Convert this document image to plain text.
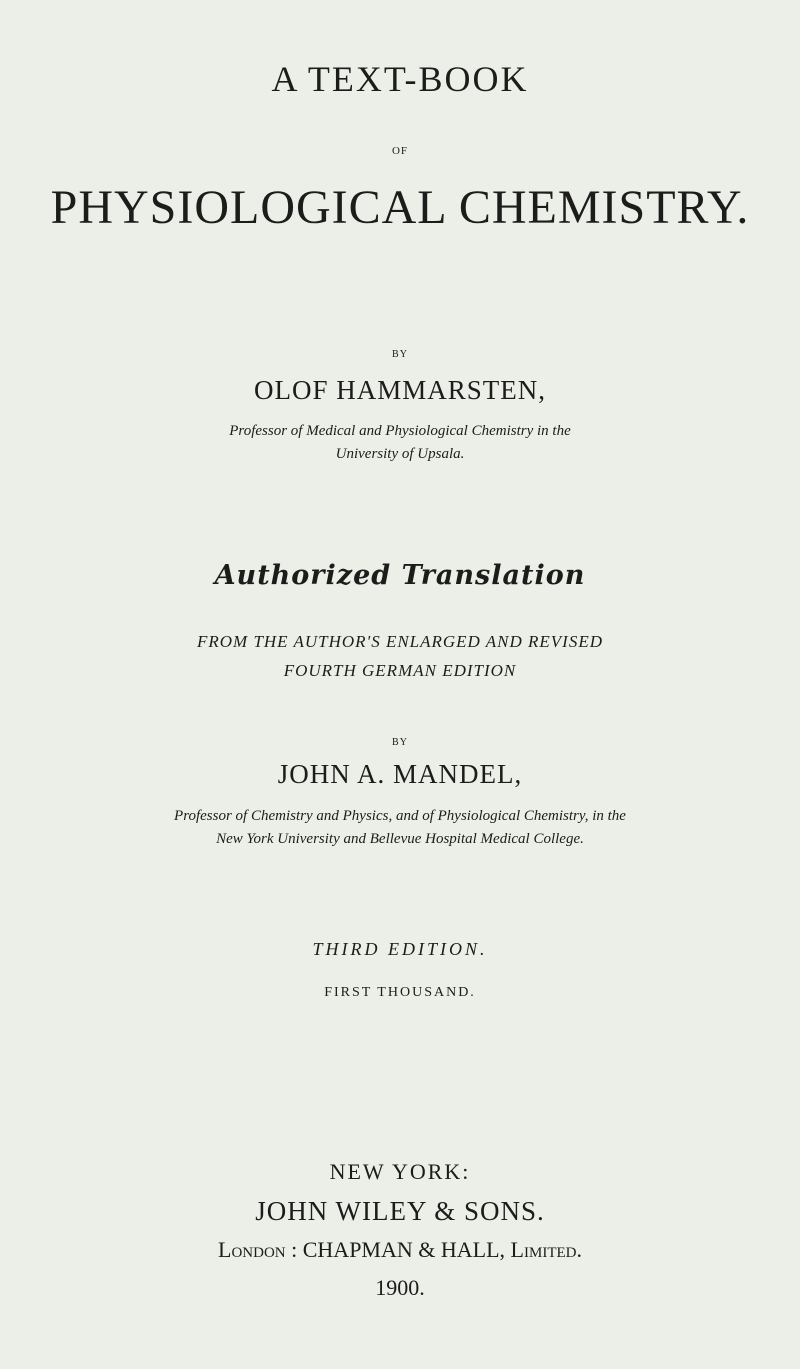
A TEXT-BOOK
OF
PHYSIOLOGICAL CHEMISTRY.
BY
OLOF HAMMARSTEN,
Professor of Medical and Physiological Chemistry in the
University of Upsala.
Authorized Translation
FROM THE AUTHOR'S ENLARGED AND REVISED
FOURTH GERMAN EDITION
BY
JOHN A. MANDEL,
Professor of Chemistry and Physics, and of Physiological Chemistry, in the
New York University and Bellevue Hospital Medical College.
THIRD EDITION.
FIRST THOUSAND.
NEW YORK:
JOHN WILEY & SONS.
London : CHAPMAN & HALL, Limited.
1900.
